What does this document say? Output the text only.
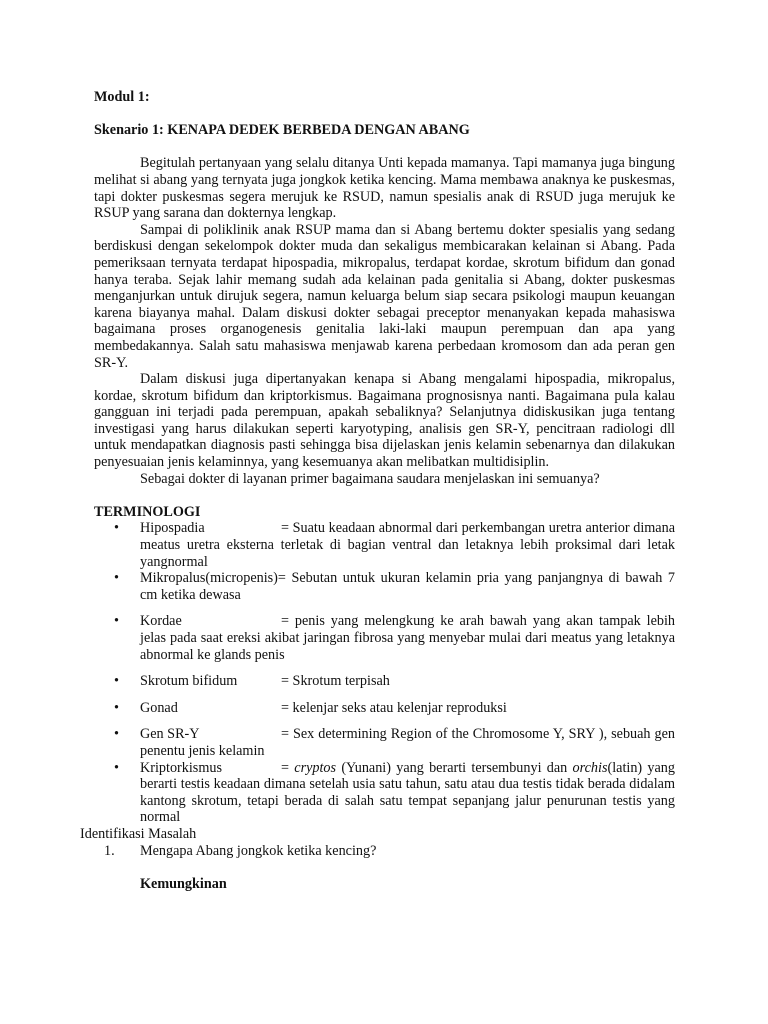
Modul 1:

Skenario 1: KENAPA DEDEK BERBEDA DENGAN ABANG

Begitulah pertanyaan yang selalu ditanya Unti kepada mamanya. Tapi mamanya juga bingung melihat si abang yang ternyata juga jongkok ketika kencing. Mama membawa anaknya ke puskesmas, tapi dokter puskesmas segera merujuk ke RSUD, namun spesialis anak di RSUD juga merujuk ke RSUP yang sarana dan dokternya lengkap.

Sampai di poliklinik anak RSUP mama dan si Abang bertemu dokter spesialis yang sedang berdiskusi dengan sekelompok dokter muda dan sekaligus membicarakan kelainan si Abang. Pada pemeriksaan ternyata terdapat hipospadia, mikropalus, terdapat kordae, skrotum bifidum dan gonad hanya teraba. Sejak lahir memang sudah ada kelainan pada genitalia si Abang, dokter puskesmas menganjurkan untuk dirujuk segera, namun keluarga belum siap secara psikologi maupun keuangan karena biayanya mahal. Dalam diskusi dokter sebagai preceptor menanyakan kepada mahasiswa bagaimana proses organogenesis genitalia laki-laki maupun perempuan dan apa yang membedakannya. Salah satu mahasiswa menjawab karena perbedaan kromosom dan ada peran gen SR-Y.

Dalam diskusi juga dipertanyakan kenapa si Abang mengalami hipospadia, mikropalus, kordae, skrotum bifidum dan kriptorkismus. Bagaimana prognosisnya nanti. Bagaimana pula kalau gangguan ini terjadi pada perempuan, apakah sebaliknya? Selanjutnya didiskusikan juga tentang investigasi yang harus dilakukan seperti karyotyping, analisis gen SR-Y, pencitraan radiologi dll untuk mendapatkan diagnosis pasti sehingga bisa dijelaskan jenis kelamin sebenarnya dan dilakukan penyesuaian jenis kelaminnya, yang kesemuanya akan melibatkan multidisiplin.

Sebagai dokter di layanan primer bagaimana saudara menjelaskan ini semuanya?

TERMINOLOGI

• Hipospadia	= Suatu keadaan abnormal dari perkembangan uretra anterior dimana meatus uretra eksterna terletak di bagian ventral dan letaknya lebih proksimal dari letak yangnormal
• Mikropalus(micropenis)= Sebutan untuk ukuran kelamin pria yang panjangnya di bawah 7 cm ketika dewasa
• Kordae	= penis yang melengkung ke arah bawah yang akan tampak lebih jelas pada saat ereksi akibat jaringan fibrosa yang menyebar mulai dari meatus yang letaknya abnormal ke glands penis
• Skrotum bifidum	= Skrotum terpisah
• Gonad	= kelenjar seks atau kelenjar reproduksi
• Gen SR-Y	= Sex determining Region of the Chromosome Y, SRY ), sebuah gen penentu jenis kelamin
• Kriptorkismus	= cryptos (Yunani) yang berarti tersembunyi dan orchis(latin) yang berarti testis keadaan dimana setelah usia satu tahun, satu atau dua testis tidak berada didalam kantong skrotum, tetapi berada di salah satu tempat sepanjang jalur penurunan testis yang normal

Identifikasi Masalah

1. Mengapa Abang jongkok ketika kencing?

Kemungkinan
